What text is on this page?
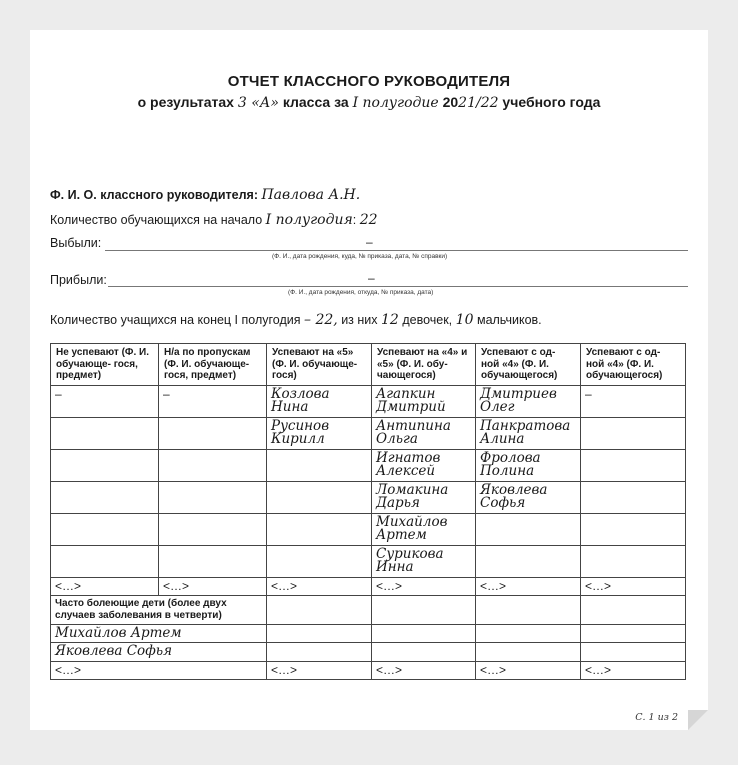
ОТЧЕТ КЛАССНОГО РУКОВОДИТЕЛЯ
о результатах 3 «А» класса за I полугодие 2021/22 учебного года
Ф. И. О. классного руководителя: Павлова А.Н.
Количество обучающихся на начало I полугодия: 22
Выбыли:	–
(Ф. И., дата рождения, куда, № приказа, дата, № справки)
Прибыли:	–
(Ф. И., дата рождения, откуда, № приказа, дата)
Количество учащихся на конец I полугодия – 22, из них 12 девочек, 10 мальчиков.
Не успевают (Ф. И. обучающе- гося, предмет)	Н/а по пропускам (Ф. И. обучающе- гося, предмет)	Успевают на «5» (Ф. И. обучающе- гося)	Успевают на «4» и «5» (Ф. И. обу- чающегося)	Успевают с од- ной «4» (Ф. И. обучающегося)	Успевают с од- ной «4» (Ф. И. обучающегося)
–	–	Козлова Нина	Агапкин Дмитрий	Дмитриев Олег	–

		Русинов Кирилл	Антипина Ольга	Панкратова Алина	

			Игнатов Алексей	Фролова Полина	

			Ломакина Дарья	Яковлева Софья	

			Михайлов Артем		

			Сурикова Инна		

<…>	<…>	<…>	<…>	<…>	<…>
Часто болеющие дети (более двух случаев заболевания в четверти)					

Михайлов Артем					

Яковлева Софья					

<…>		<…>	<…>	<…>	<…>
С. 1 из 2
